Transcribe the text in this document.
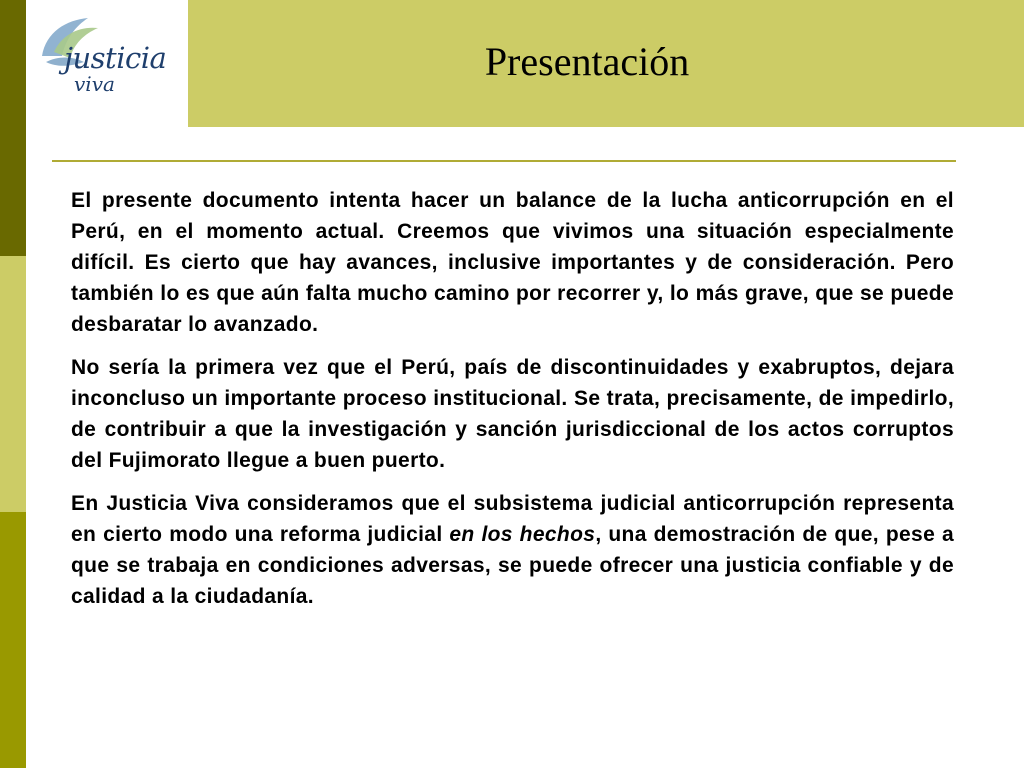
justicia
viva	Presentación

El presente documento intenta hacer un balance de la lucha anticorrupción en el Perú, en el momento actual. Creemos que vivimos una situación especialmente difícil. Es cierto que hay avances, inclusive importantes y de consideración. Pero también lo es que aún falta mucho camino por recorrer y, lo más grave, que se puede desbaratar lo avanzado.

No sería la primera vez que el Perú, país de discontinuidades y exabruptos, dejara inconcluso un importante proceso institucional. Se trata, precisamente, de impedirlo, de contribuir a que la investigación y sanción jurisdiccional de los actos corruptos del Fujimorato llegue a buen puerto.

En Justicia Viva consideramos que el subsistema judicial anticorrupción representa en cierto modo una reforma judicial en los hechos, una demostración de que, pese a que se trabaja en condiciones adversas, se puede ofrecer una justicia confiable y de calidad a la ciudadanía.
